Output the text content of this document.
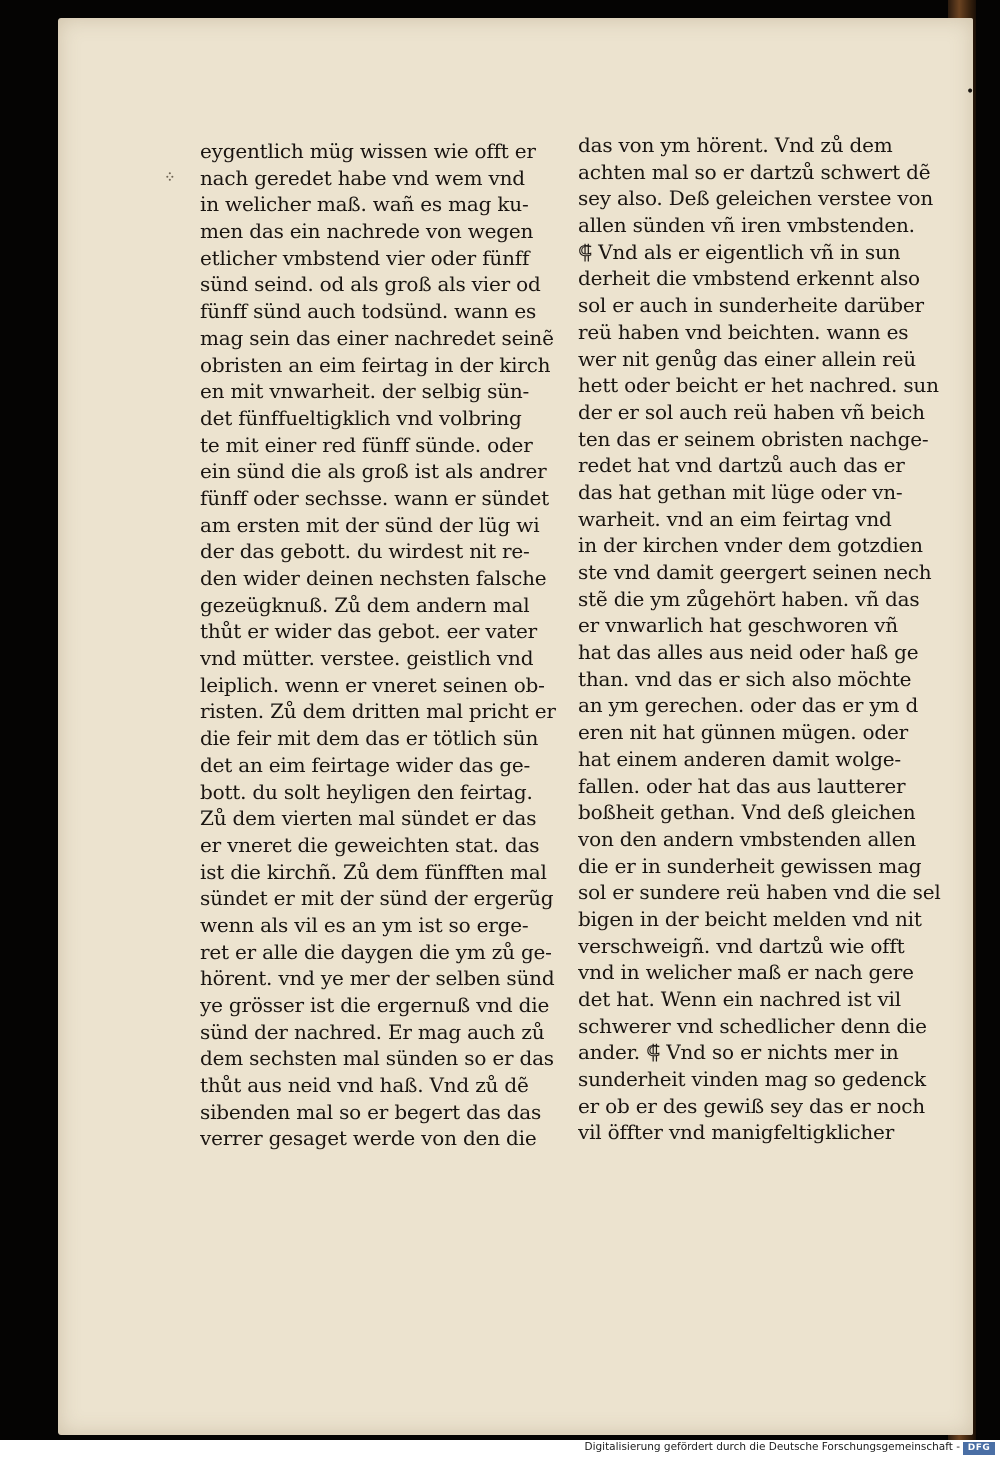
•
᠅
eygentlich müg wissen wie offt er
nach geredet habe vnd wem vnd
in welicher maß. wañ es mag ku-
men das ein nachrede von wegen
etlicher vmbstend vier oder fünff
sünd seind. od als groß als vier od
fünff sünd auch todsünd. wann es
mag sein das einer nachredet seinẽ
obristen an eim feirtag in der kirch
en mit vnwarheit. der selbig sün-
det fünffueltigklich vnd volbring
te mit einer red fünff sünde. oder
ein sünd die als groß ist als andrer
fünff oder sechsse. wann er sündet
am ersten mit der sünd der lüg wi
der das gebott. du wirdest nit re-
den wider deinen nechsten falsche
gezeügknuß. Zů dem andern mal
thůt er wider das gebot. eer vater
vnd mütter. verstee. geistlich vnd
leiplich. wenn er vneret seinen ob-
risten. Zů dem dritten mal pricht er
die feir mit dem das er tötlich sün
det an eim feirtage wider das ge-
bott. du solt heyligen den feirtag.
Zů dem vierten mal sündet er das
er vneret die geweichten stat. das
ist die kirchñ. Zů dem fünfften mal
sündet er mit der sünd der ergerũg
wenn als vil es an ym ist so erge-
ret er alle die daygen die ym zů ge-
hörent. vnd ye mer der selben sünd
ye grösser ist die ergernuß vnd die
sünd der nachred. Er mag auch zů
dem sechsten mal sünden so er das
thůt aus neid vnd haß. Vnd zů dẽ
sibenden mal so er begert das das
verrer gesaget werde von den die
das von ym hörent. Vnd zů dem
achten mal so er dartzů schwert dẽ
sey also. Deß geleichen verstee von
allen sünden vñ iren vmbstenden.
⸿ Vnd als er eigentlich vñ in sun
derheit die vmbstend erkennt also
sol er auch in sunderheite darüber
reü haben vnd beichten. wann es
wer nit genůg das einer allein reü
hett oder beicht er het nachred. sun
der er sol auch reü haben vñ beich
ten das er seinem obristen nachge-
redet hat vnd dartzů auch das er
das hat gethan mit lüge oder vn-
warheit. vnd an eim feirtag vnd
in der kirchen vnder dem gotzdien
ste vnd damit geergert seinen nech
stẽ die ym zůgehört haben. vñ das
er vnwarlich hat geschworen vñ
hat das alles aus neid oder haß ge
than. vnd das er sich also möchte
an ym gerechen. oder das er ym d
eren nit hat günnen mügen. oder
hat einem anderen damit wolge-
fallen. oder hat das aus lautterer
boßheit gethan. Vnd deß gleichen
von den andern vmbstenden allen
die er in sunderheit gewissen mag
sol er sundere reü haben vnd die sel
bigen in der beicht melden vnd nit
verschweigñ. vnd dartzů wie offt
vnd in welicher maß er nach gere
det hat. Wenn ein nachred ist vil
schwerer vnd schedlicher denn die
ander. ⸿ Vnd so er nichts mer in
sunderheit vinden mag so gedenck
er ob er des gewiß sey das er noch
vil öffter vnd manigfeltigklicher
Digitalisierung gefördert durch die Deutsche Forschungsgemeinschaft - DFG
